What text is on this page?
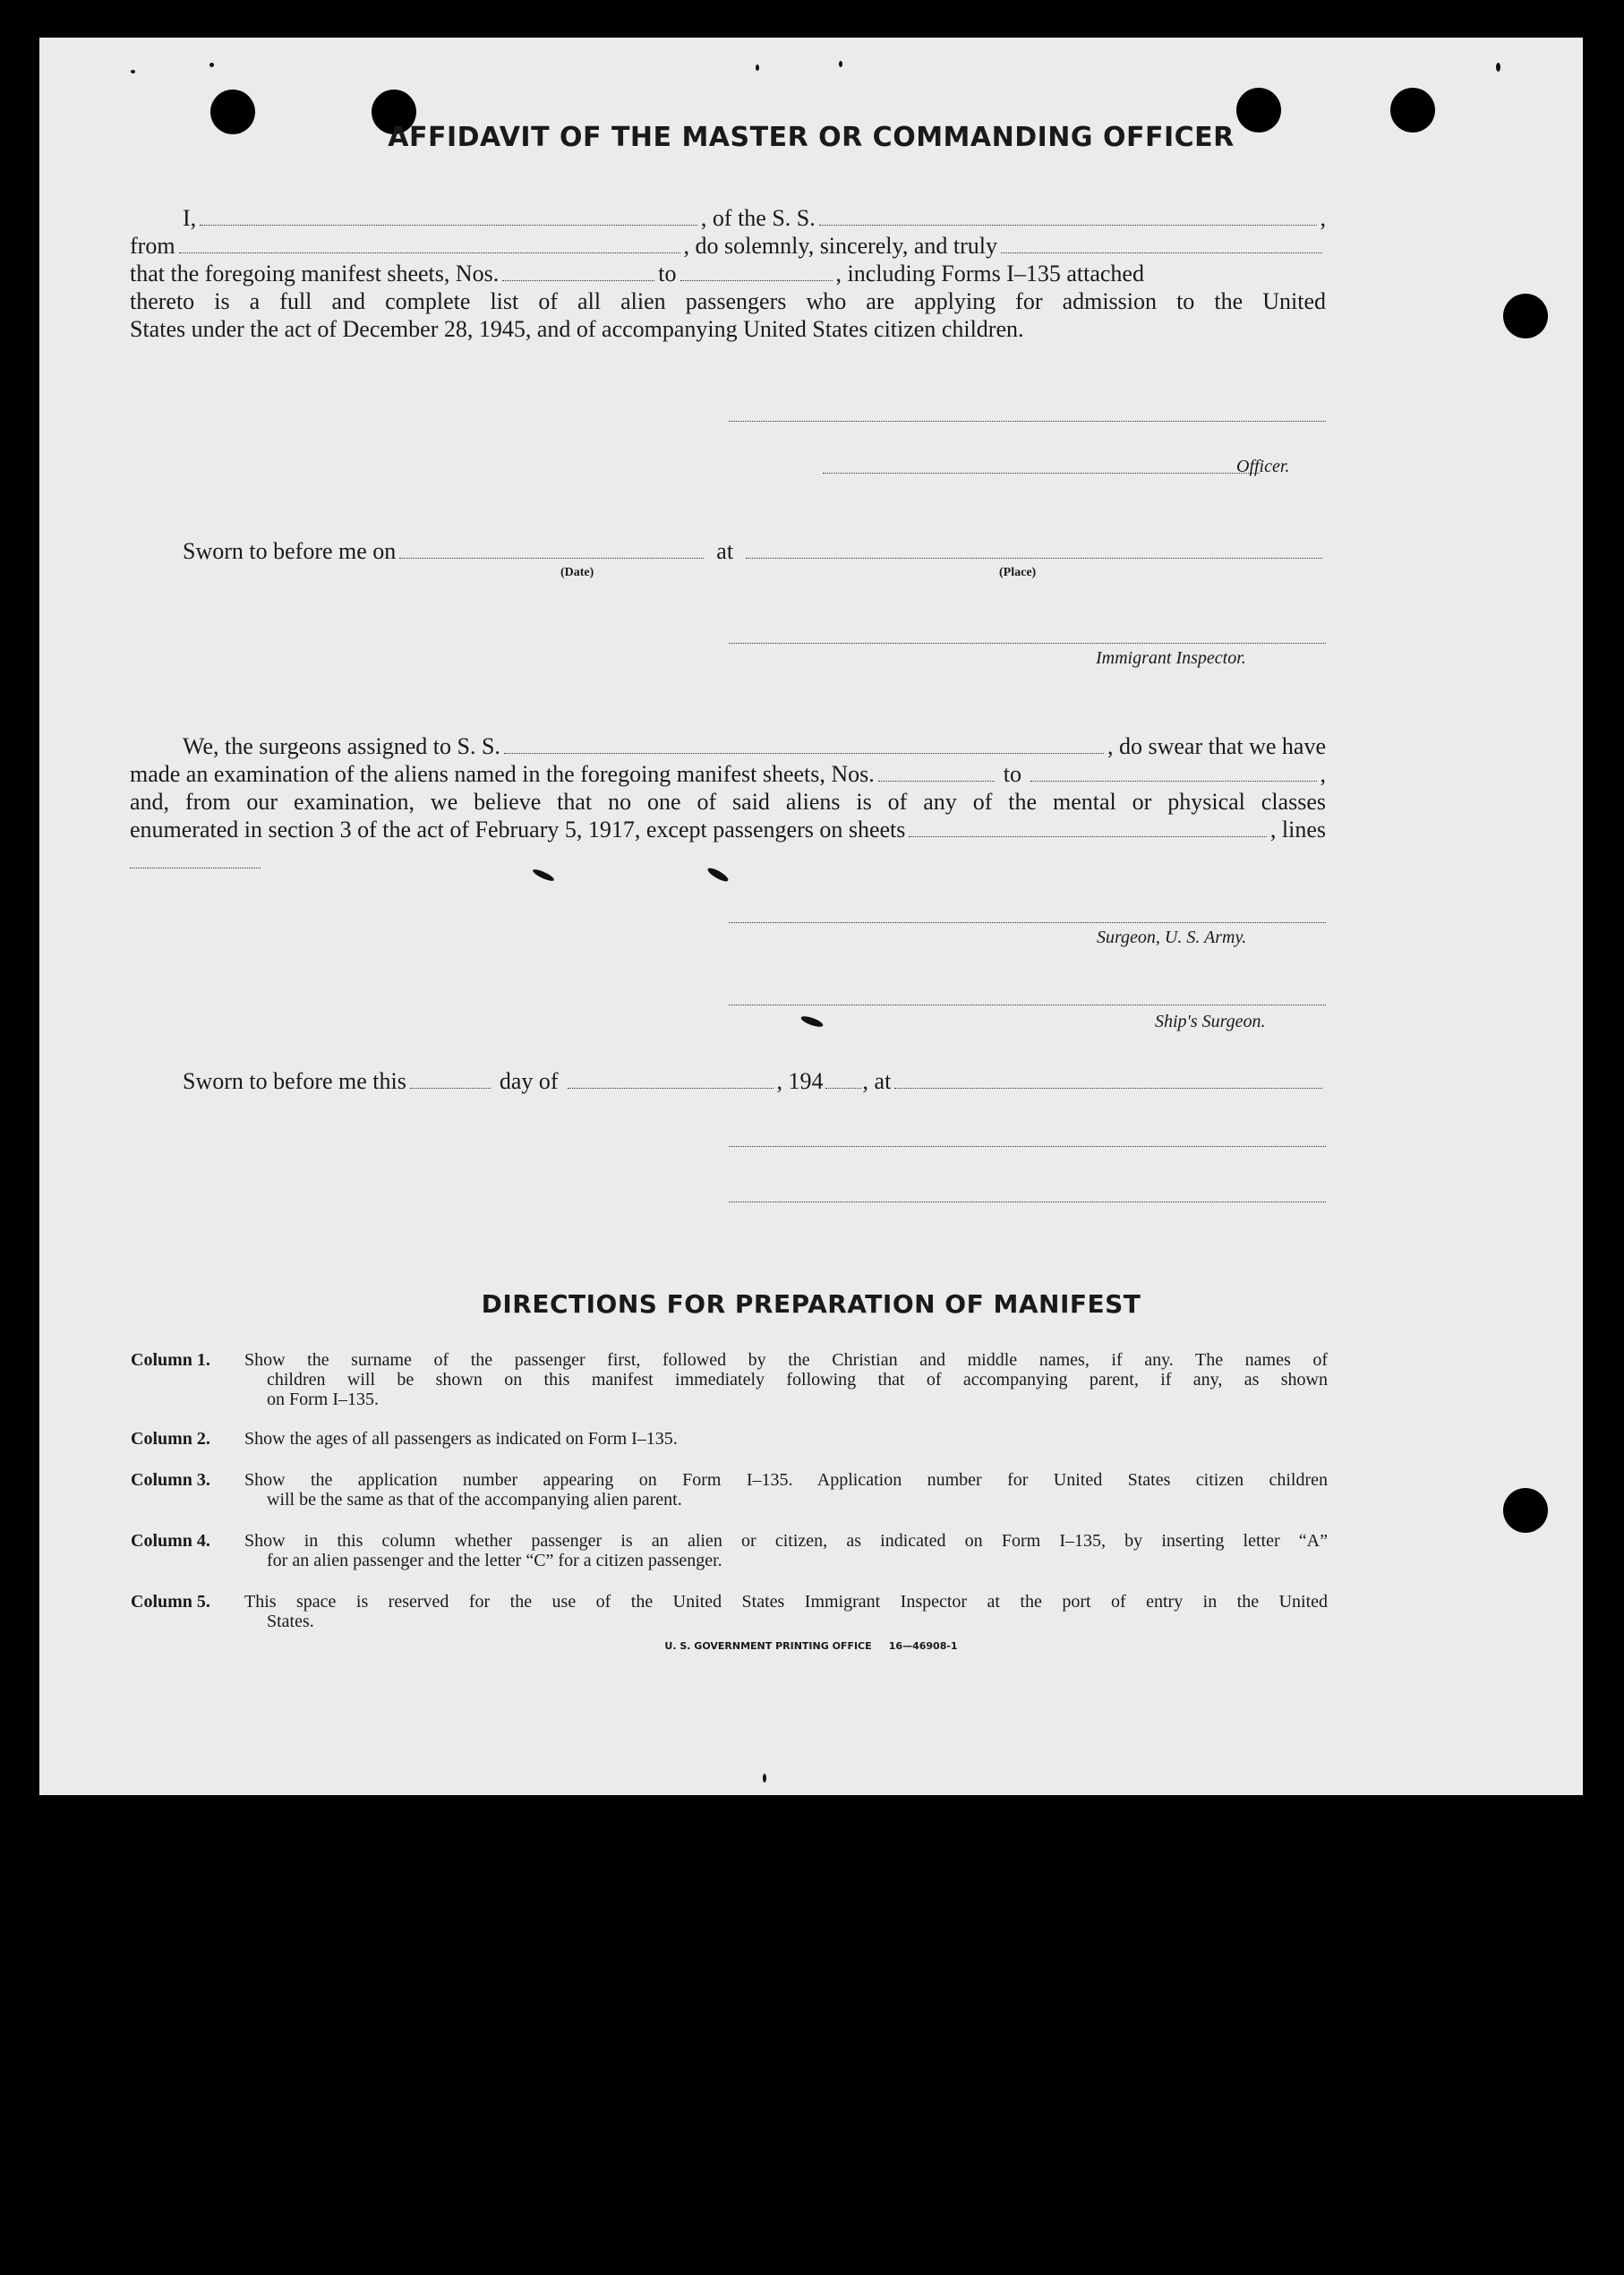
AFFIDAVIT OF THE MASTER OR COMMANDING OFFICER
I,	, of the S. S.	,
from	, do solemnly, sincerely, and truly
that the foregoing manifest sheets, Nos.	to	, including Forms I–135 attached
thereto is a full and complete list of all alien passengers who are applying for admission to the United
States under the act of December 28, 1945, and of accompanying United States citizen children.
Officer.
Sworn to before me on	at
(Date)	(Place)
Immigrant Inspector.
We, the surgeons assigned to S. S.	, do swear that we have
made an examination of the aliens named in the foregoing manifest sheets, Nos.	to	,
and, from our examination, we believe that no one of said aliens is of any of the mental or physical classes
enumerated in section 3 of the act of February 5, 1917, except passengers on sheets	, lines
Surgeon, U. S. Army.
Ship's Surgeon.
Sworn to before me this	day of	, 194 , at
DIRECTIONS FOR PREPARATION OF MANIFEST
Column 1. Show the surname of the passenger first, followed by the Christian and middle names, if any. The names of
children will be shown on this manifest immediately following that of accompanying parent, if any, as shown
on Form I–135.
Column 2. Show the ages of all passengers as indicated on Form I–135.
Column 3. Show the application number appearing on Form I–135. Application number for United States citizen children
will be the same as that of the accompanying alien parent.
Column 4. Show in this column whether passenger is an alien or citizen, as indicated on Form I–135, by inserting letter “A”
for an alien passenger and the letter “C” for a citizen passenger.
Column 5. This space is reserved for the use of the United States Immigrant Inspector at the port of entry in the United
States.
U. S. GOVERNMENT PRINTING OFFICE     16—46908-1
